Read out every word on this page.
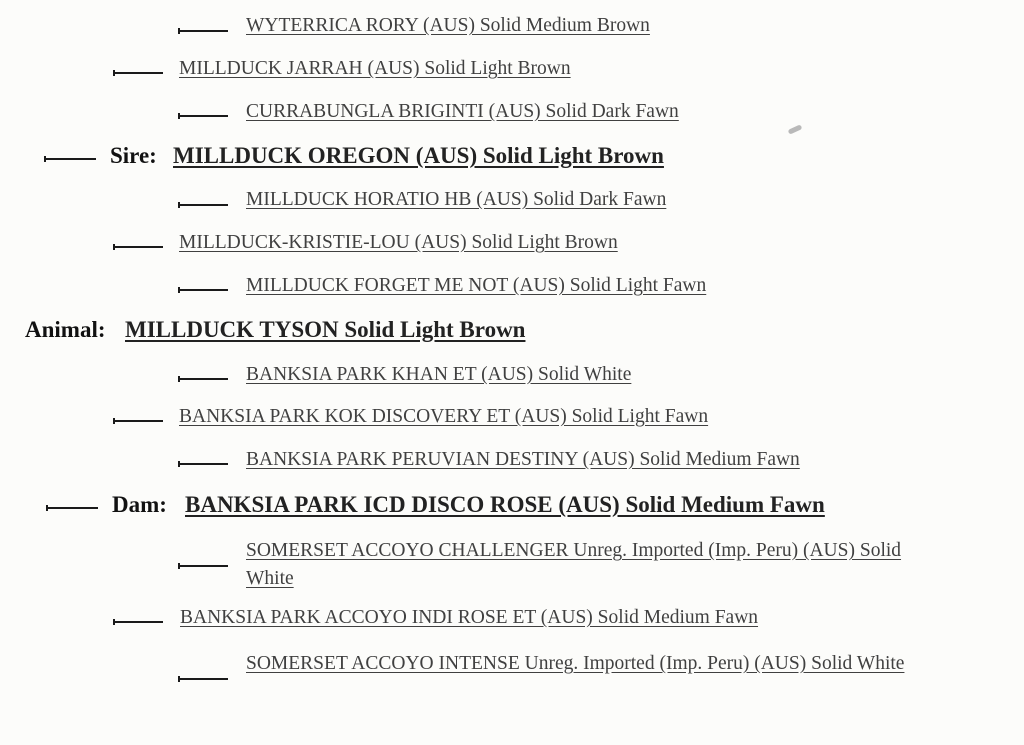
WYTERRICA RORY (AUS) Solid Medium Brown
MILLDUCK JARRAH (AUS) Solid Light Brown
CURRABUNGLA BRIGINTI (AUS) Solid Dark Fawn
Sire: MILLDUCK OREGON (AUS) Solid Light Brown
MILLDUCK HORATIO HB (AUS) Solid Dark Fawn
MILLDUCK-KRISTIE-LOU (AUS) Solid Light Brown
MILLDUCK FORGET ME NOT (AUS) Solid Light Fawn
Animal: MILLDUCK TYSON Solid Light Brown
BANKSIA PARK KHAN ET (AUS) Solid White
BANKSIA PARK KOK DISCOVERY ET (AUS) Solid Light Fawn
BANKSIA PARK PERUVIAN DESTINY (AUS) Solid Medium Fawn
Dam: BANKSIA PARK ICD DISCO ROSE (AUS) Solid Medium Fawn
SOMERSET ACCOYO CHALLENGER Unreg. Imported (Imp. Peru) (AUS) Solid White
BANKSIA PARK ACCOYO INDI ROSE ET (AUS) Solid Medium Fawn
SOMERSET ACCOYO INTENSE Unreg. Imported (Imp. Peru) (AUS) Solid White
